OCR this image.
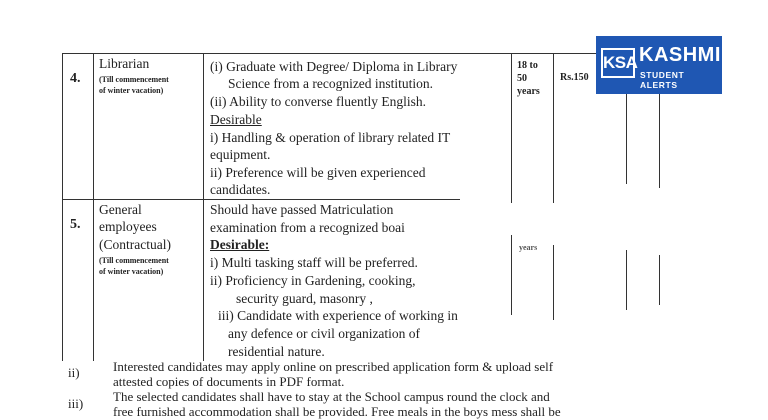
4.
Librarian
(Till commencement
of winter vacation)
(i) Graduate with Degree/ Diploma in Library
Science from a recognized institution.
(ii) Ability to converse fluently English.
Desirable
i) Handling & operation of library related IT
equipment.
ii) Preference will be given experienced
candidates.
18 to
50
years
Rs.150
5.
General
employees
(Contractual)
(Till commencement
of winter vacation)
Should have passed Matriculation
examination from a recognized boai
Desirable:
i) Multi tasking staff will be preferred.
ii) Proficiency in Gardening, cooking,
security guard, masonry ,
iii) Candidate with experience of working in
any defence or civil organization of
residential nature.
years
ii)	Interested candidates may apply online on prescribed application form & upload self
attested copies of documents in PDF format.
iii) The selected candidates shall have to stay at the School campus round the clock and
free furnished accommodation shall be provided. Free meals in the boys mess shall be
KSA KASHMIR
STUDENT ALERTS
